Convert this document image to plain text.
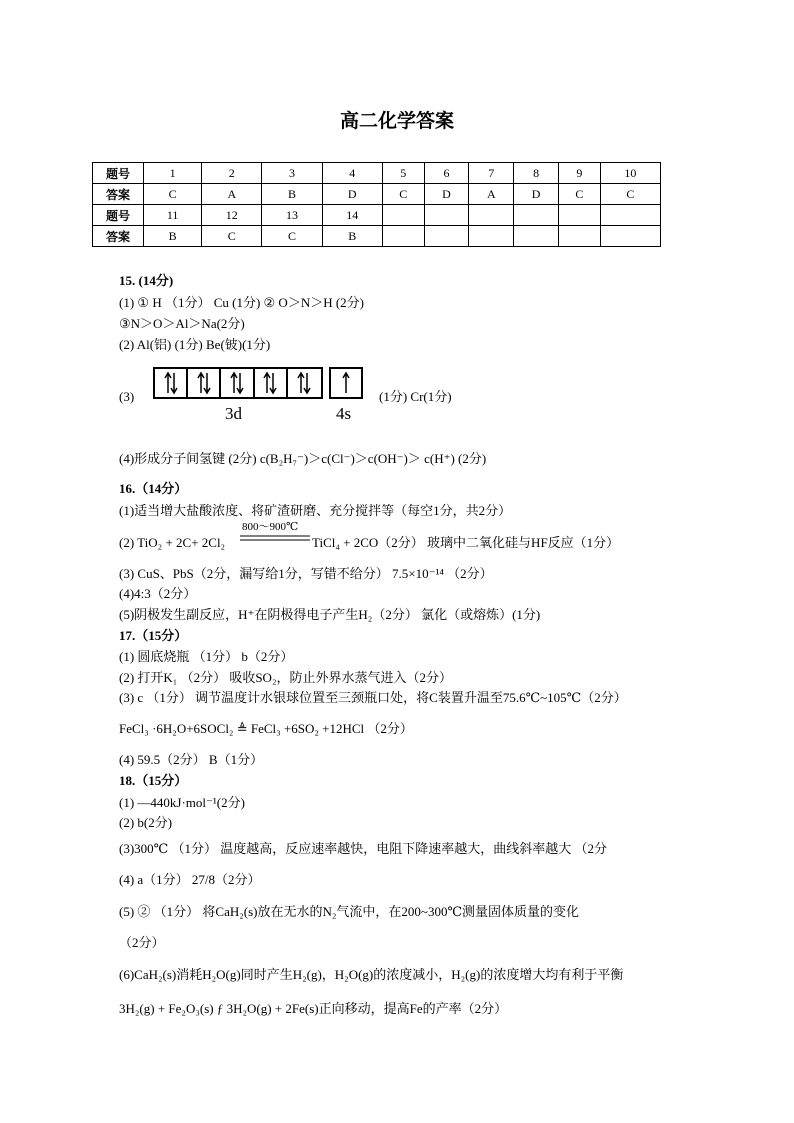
高二化学答案
题号	1	2	3	4	5	6	7	8	9	10
答案	C	A	B	D	C	D	A	D	C	C
题号	11	12	13	14						
答案	B	C	C	B						
15. (14分)
(1) ① H （1分） Cu (1分) ② O＞N＞H (2分)
③N＞O＞Al＞Na(2分)
(2) Al(铝) (1分) Be(铍)(1分)
(3)
3d	4s
(1分) Cr(1分)
(4)形成分子间氢键 (2分) c(B₂H₇⁻)＞c(Cl⁻)＞c(OH⁻)＞ c(H⁺) (2分)
16.（14分）
(1)适当增大盐酸浓度、将矿渣研磨、充分搅拌等（每空1分，共2分）
(2) TiO₂ + 2C+ 2Cl₂
800～900℃
TiCl₄ + 2CO（2分） 玻璃中二氧化硅与HF反应（1分）
(3) CuS、PbS（2分，漏写给1分，写错不给分） 7.5×10⁻¹⁴ （2分）
(4)4:3（2分）
(5)阴极发生副反应，H⁺在阴极得电子产生H₂（2分） 氯化（或熔炼）(1分)
17.（15分）
(1) 圆底烧瓶 （1分） b（2分）
(2) 打开K₁ （2分） 吸收SO₂，防止外界水蒸气进入（2分）
(3) c （1分） 调节温度计水银球位置至三颈瓶口处，将C装置升温至75.6℃~105℃（2分）
FeCl₃ ·6H₂O+6SOCl₂ ≜ FeCl₃ +6SO₂ +12HCl （2分）
(4) 59.5（2分） B（1分）
18.（15分）
(1) —440kJ·mol⁻¹(2分)
(2) b(2分)
(3)300℃ （1分） 温度越高，反应速率越快，电阻下降速率越大，曲线斜率越大 （2分
(4) a（1分） 27/8（2分）
(5) ② （1分） 将CaH₂(s)放在无水的N₂气流中，在200~300℃测量固体质量的变化
（2分）
(6)CaH₂(s)消耗H₂O(g)同时产生H₂(g)，H₂O(g)的浓度减小，H₂(g)的浓度增大均有利于平衡
3H₂(g) + Fe₂O₃(s) ƒ 3H₂O(g) + 2Fe(s)正向移动，提高Fe的产率（2分）
